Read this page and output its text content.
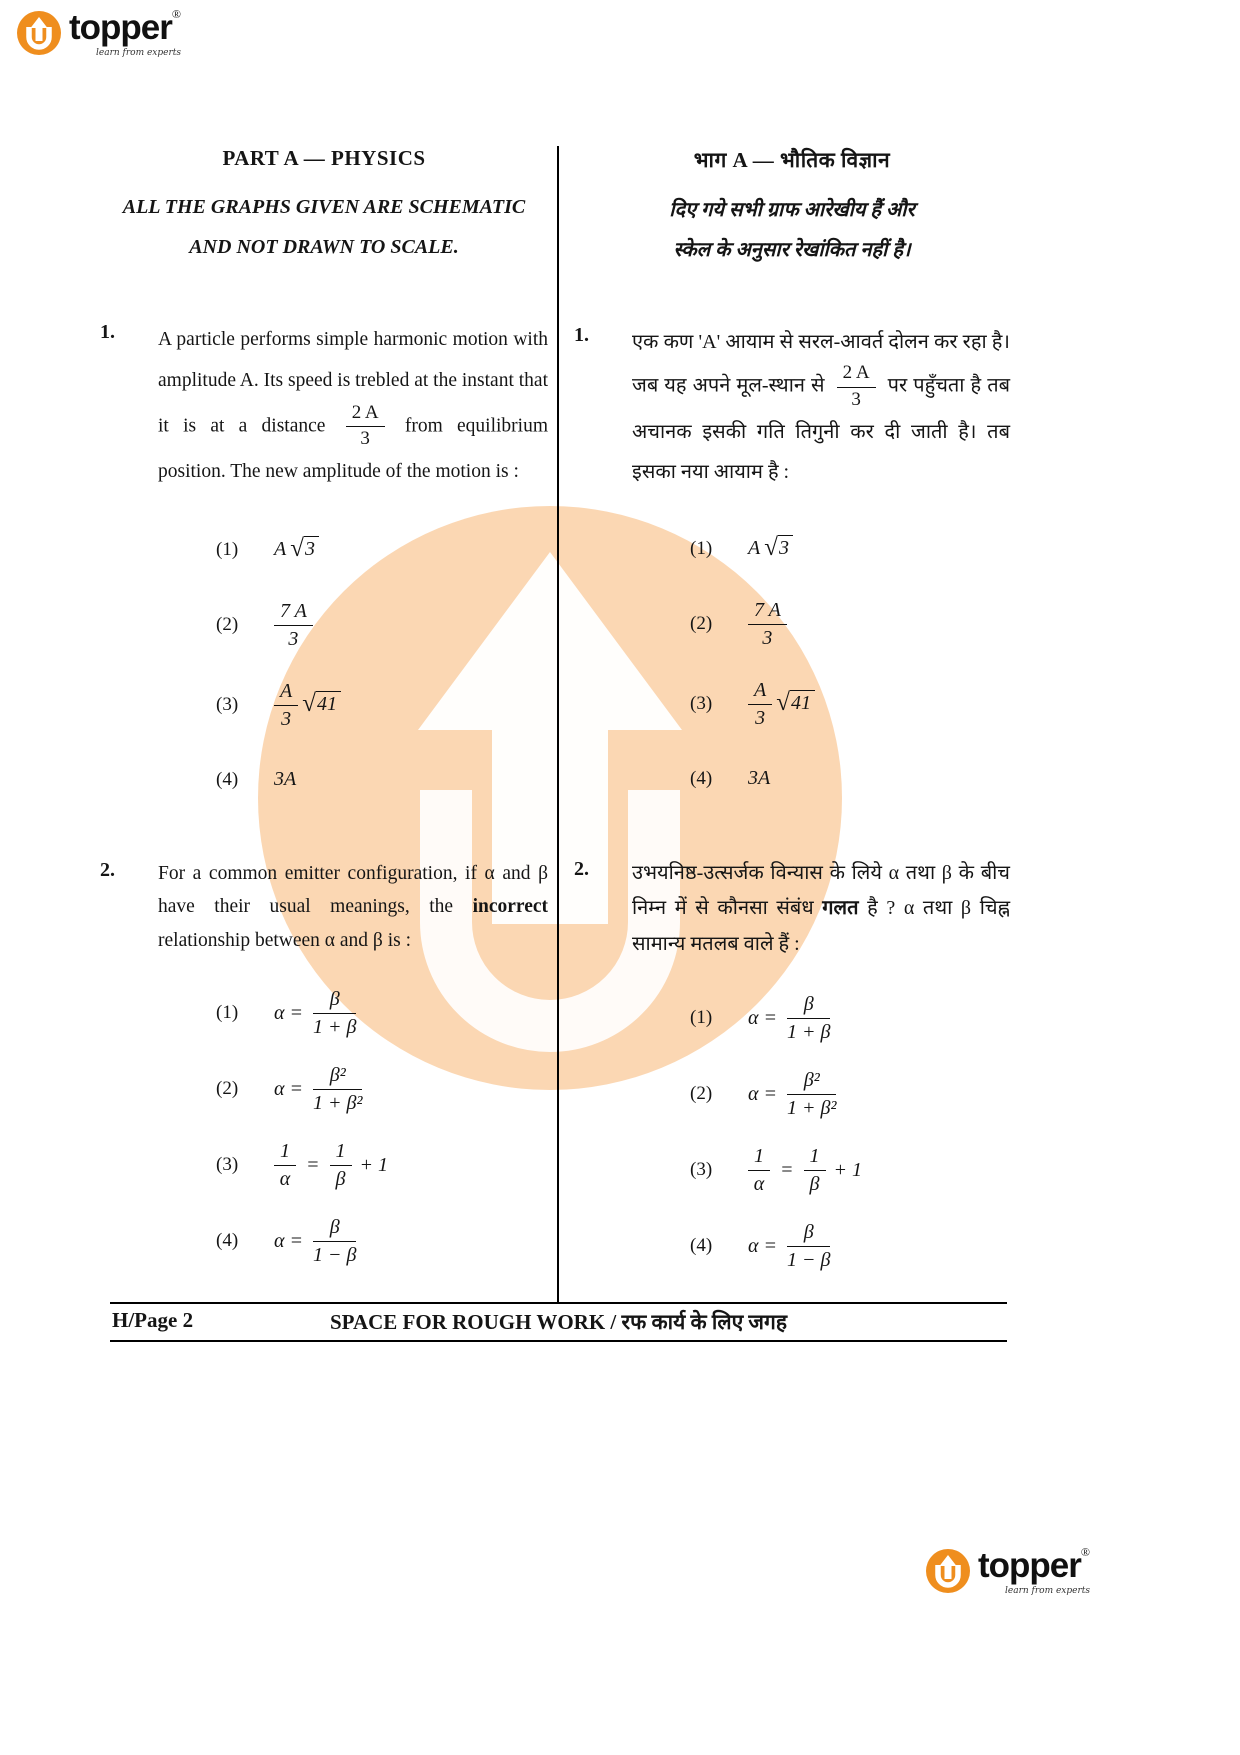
topper®
learn from experts
PART A — PHYSICS
ALL THE GRAPHS GIVEN ARE SCHEMATIC
AND NOT DRAWN TO SCALE.
1.	A particle performs simple harmonic motion with amplitude A. Its speed is trebled at the instant that it is at a distance $\frac{2 A}{3}$ from equilibrium position. The new amplitude of the motion is :
(1)	A √ 3
(2)	$\frac{7 A}{3}$
(3)	$\frac{A}{3}$ √ 41
(4)	3A
2.	For a common emitter configuration, if α and β have their usual meanings, the incorrect relationship between α and β is :
(1)	$\alpha = \frac{\beta}{1 + \beta}$
(2)	$\alpha = \frac{\text{β²}}{\text{1 + β²}}$
(3)	$\frac{1}{\alpha} = \frac{1}{\beta} + 1$
(4)	$\alpha = \frac{\beta}{1 - \beta}$
भाग A — भौतिक विज्ञान
दिए गये सभी ग्राफ आरेखीय हैं और
स्केल के अनुसार रेखांकित नहीं है।
1.	एक कण 'A' आयाम से सरल-आवर्त दोलन कर रहा है। जब यह अपने मूल-स्थान से $\frac{2 A}{3}$ पर पहुँचता है तब अचानक इसकी गति तिगुनी कर दी जाती है। तब इसका नया आयाम है :
(1)	A √ 3
(2)	$\frac{7 A}{3}$
(3)	$\frac{A}{3}$ √ 41
(4)	3A
2.	उभयनिष्ठ-उत्सर्जक विन्यास के लिये α तथा β के बीच निम्न में से कौनसा संबंध गलत है ? α तथा β चिह्न सामान्य मतलब वाले हैं :
(1)	$\alpha = \frac{\beta}{1 + \beta}$
(2)	$\alpha = \frac{\text{β²}}{\text{1 + β²}}$
(3)	$\frac{1}{\alpha} = \frac{1}{\beta} + 1$
(4)	$\alpha = \frac{\beta}{1 - \beta}$
H/Page 2	SPACE FOR ROUGH WORK / रफ कार्य के लिए जगह
topper®
learn from experts
